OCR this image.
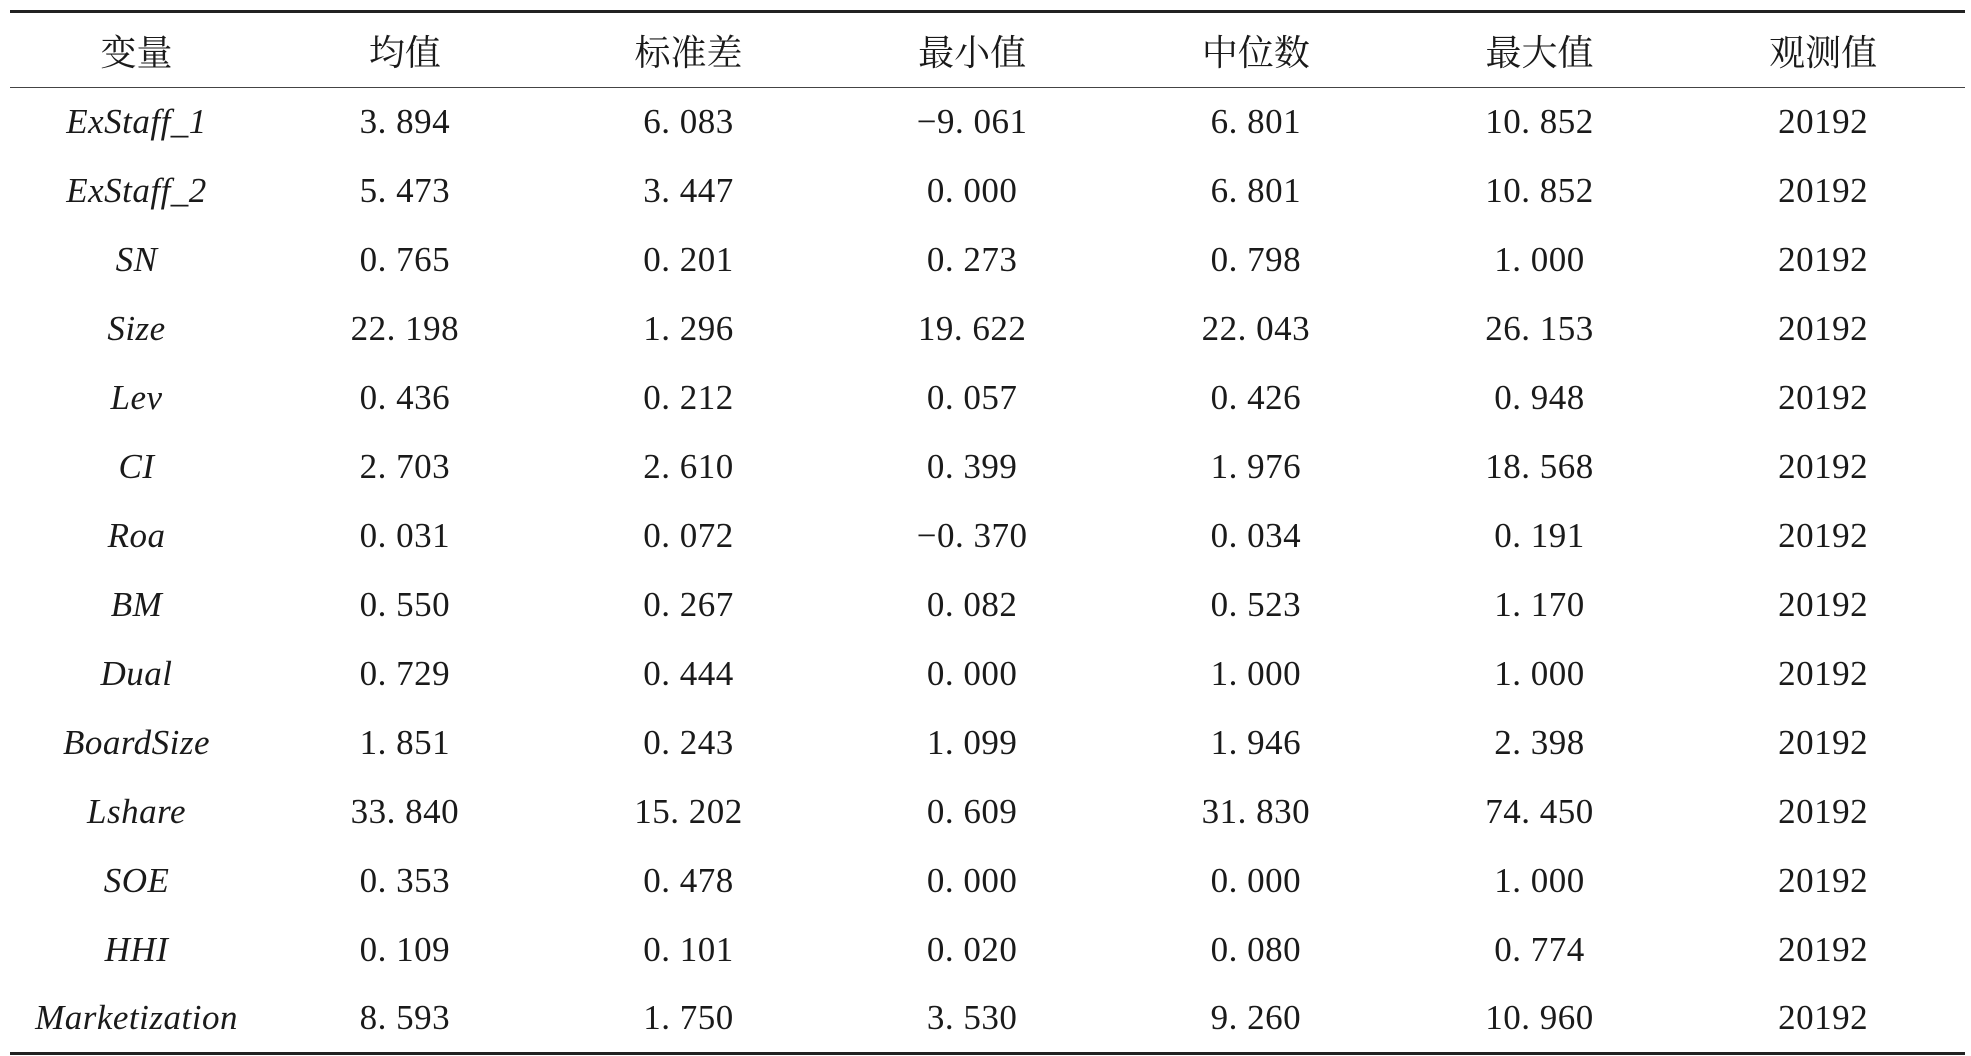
变量	均值	标准差	最小值	中位数	最大值	观测值
ExStaff_1	3. 894	6. 083	−9. 061	6. 801	10. 852	20192
ExStaff_2	5. 473	3. 447	0. 000	6. 801	10. 852	20192
SN	0. 765	0. 201	0. 273	0. 798	1. 000	20192
Size	22. 198	1. 296	19. 622	22. 043	26. 153	20192
Lev	0. 436	0. 212	0. 057	0. 426	0. 948	20192
CI	2. 703	2. 610	0. 399	1. 976	18. 568	20192
Roa	0. 031	0. 072	−0. 370	0. 034	0. 191	20192
BM	0. 550	0. 267	0. 082	0. 523	1. 170	20192
Dual	0. 729	0. 444	0. 000	1. 000	1. 000	20192
BoardSize	1. 851	0. 243	1. 099	1. 946	2. 398	20192
Lshare	33. 840	15. 202	0. 609	31. 830	74. 450	20192
SOE	0. 353	0. 478	0. 000	0. 000	1. 000	20192
HHI	0. 109	0. 101	0. 020	0. 080	0. 774	20192
Marketization	8. 593	1. 750	3. 530	9. 260	10. 960	20192
